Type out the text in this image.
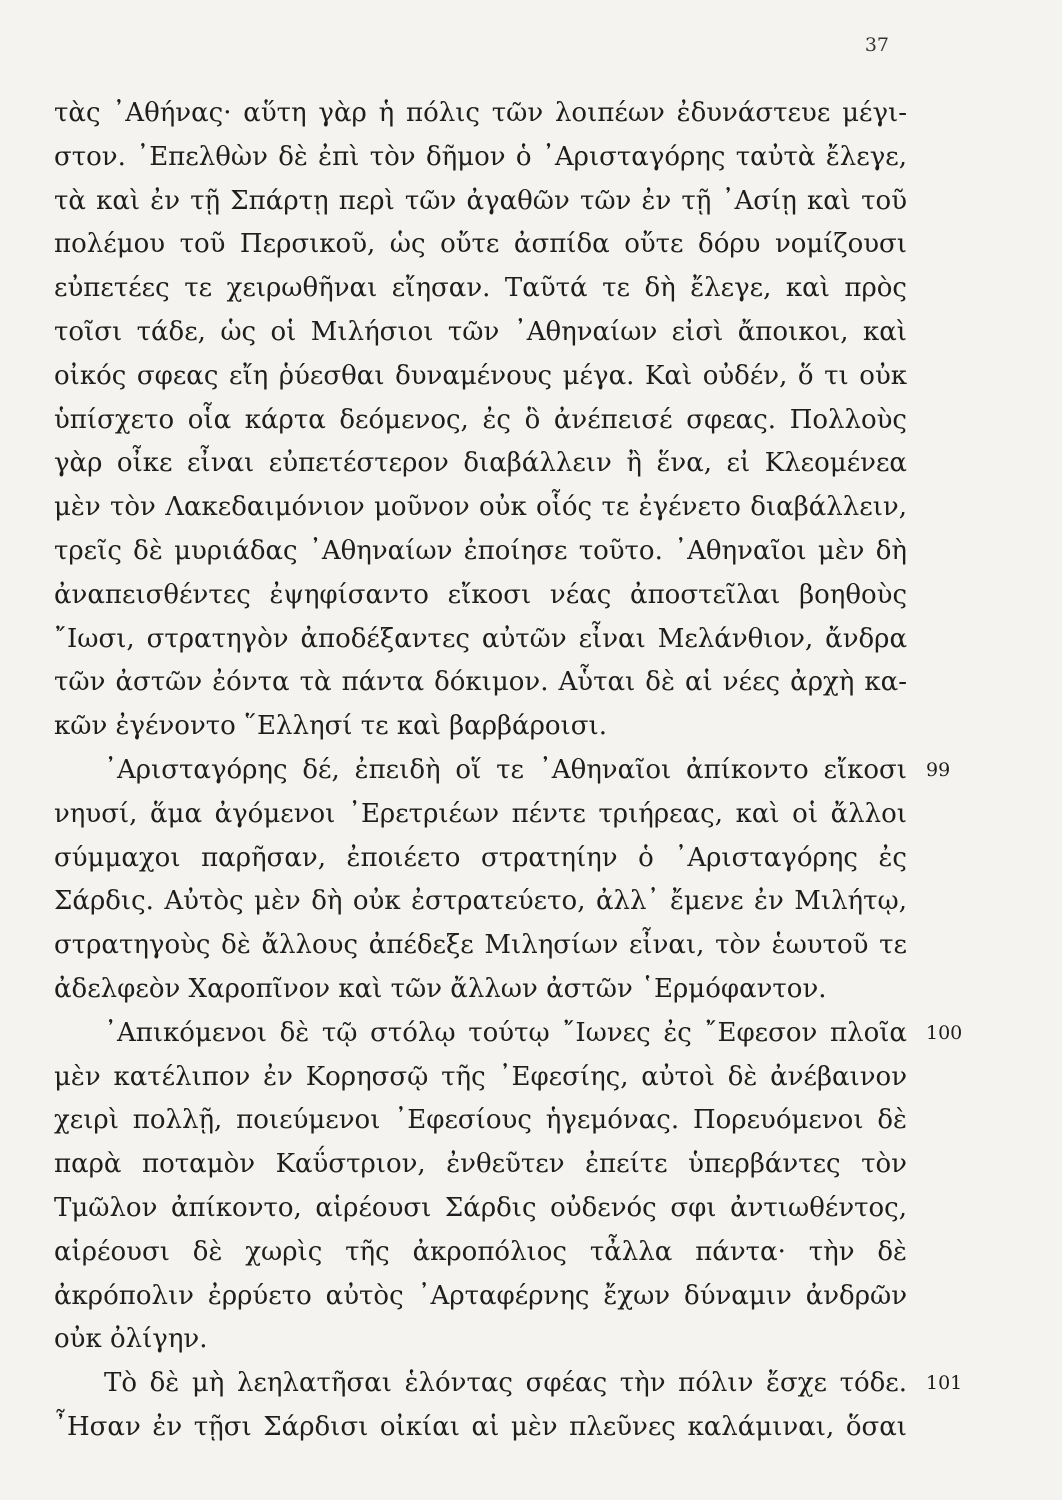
37
τὰς ᾿Αθήνας· αὕτη γὰρ ἡ πόλις τῶν λοιπέων ἐδυνάστευε μέγι-
στον. ᾿Επελθὼν δὲ ἐπὶ τὸν δῆμον ὁ ᾿Αρισταγόρης ταὐτὰ ἔλεγε,
τὰ καὶ ἐν τῇ Σπάρτῃ περὶ τῶν ἀγαθῶν τῶν ἐν τῇ ᾿Ασίῃ καὶ τοῦ
πολέμου τοῦ Περσικοῦ, ὡς οὔτε ἀσπίδα οὔτε δόρυ νομίζουσι
εὐπετέες τε χειρωθῆναι εἴησαν. Ταῦτά τε δὴ ἔλεγε, καὶ πρὸς
τοῖσι τάδε, ὡς οἱ Μιλήσιοι τῶν ᾿Αθηναίων εἰσὶ ἄποικοι, καὶ
οἰκός σφεας εἴη ῥύεσθαι δυναμένους μέγα. Καὶ οὐδέν, ὅ τι οὐκ
ὑπίσχετο οἷα κάρτα δεόμενος, ἐς ὃ ἀνέπεισέ σφεας. Πολλοὺς
γὰρ οἶκε εἶναι εὐπετέστερον διαβάλλειν ἢ ἕνα, εἰ Κλεομένεα
μὲν τὸν Λακεδαιμόνιον μοῦνον οὐκ οἷός τε ἐγένετο διαβάλλειν,
τρεῖς δὲ μυριάδας ᾿Αθηναίων ἐποίησε τοῦτο. ᾿Αθηναῖοι μὲν δὴ
ἀναπεισθέντες ἐψηφίσαντο εἴκοσι νέας ἀποστεῖλαι βοηθοὺς
῎Ιωσι, στρατηγὸν ἀποδέξαντες αὐτῶν εἶναι Μελάνθιον, ἄνδρα
τῶν ἀστῶν ἐόντα τὰ πάντα δόκιμον. Αὗται δὲ αἱ νέες ἀρχὴ κα-
κῶν ἐγένοντο ῞Ελλησί τε καὶ βαρβάροισι.
᾿Αρισταγόρης δέ, ἐπειδὴ οἵ τε ᾿Αθηναῖοι ἀπίκοντο εἴκοσι 99
νηυσί, ἅμα ἀγόμενοι ᾿Ερετριέων πέντε τριήρεας, καὶ οἱ ἄλλοι
σύμμαχοι παρῆσαν, ἐποιέετο στρατηίην ὁ ᾿Αρισταγόρης ἐς
Σάρδις. Αὐτὸς μὲν δὴ οὐκ ἐστρατεύετο, ἀλλ᾿ ἔμενε ἐν Μιλήτῳ,
στρατηγοὺς δὲ ἄλλους ἀπέδεξε Μιλησίων εἶναι, τὸν ἑωυτοῦ τε
ἀδελφεὸν Χαροπῖνον καὶ τῶν ἄλλων ἀστῶν ῾Ερμόφαντον.
᾿Απικόμενοι δὲ τῷ στόλῳ τούτῳ ῎Ιωνες ἐς ῎Εφεσον πλοῖα 100
μὲν κατέλιπον ἐν Κορησσῷ τῆς ᾿Εφεσίης, αὐτοὶ δὲ ἀνέβαινον
χειρὶ πολλῇ, ποιεύμενοι ᾿Εφεσίους ἡγεμόνας. Πορευόμενοι δὲ
παρὰ ποταμὸν Καΰστριον, ἐνθεῦτεν ἐπείτε ὑπερβάντες τὸν
Τμῶλον ἀπίκοντο, αἱρέουσι Σάρδις οὐδενός σφι ἀντιωθέντος,
αἱρέουσι δὲ χωρὶς τῆς ἀκροπόλιος τἆλλα πάντα· τὴν δὲ
ἀκρόπολιν ἐρρύετο αὐτὸς ᾿Αρταφέρνης ἔχων δύναμιν ἀνδρῶν
οὐκ ὀλίγην.
Τὸ δὲ μὴ λεηλατῆσαι ἑλόντας σφέας τὴν πόλιν ἔσχε τόδε. 101
῏Ησαν ἐν τῇσι Σάρδισι οἰκίαι αἱ μὲν πλεῦνες καλάμιναι, ὅσαι
